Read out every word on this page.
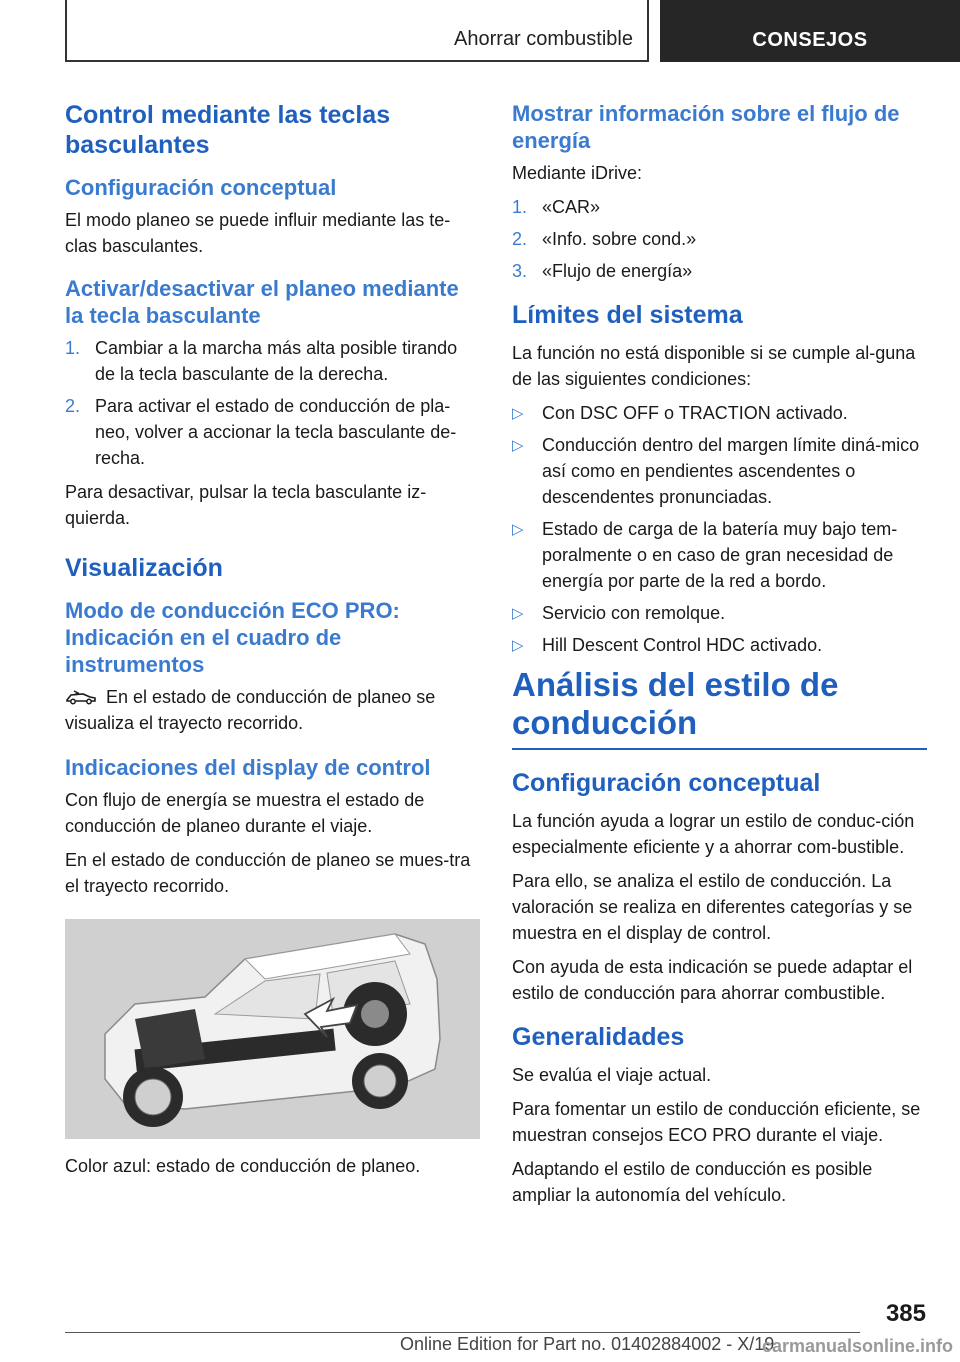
Ahorrar combustible	CONSEJOS
Control mediante las teclas basculantes
Configuración conceptual

El modo planeo se puede influir mediante las te-clas basculantes.

Activar/desactivar el planeo mediante la tecla basculante
1. Cambiar a la marcha más alta posible tirando de la tecla basculante de la derecha.
2. Para activar el estado de conducción de pla-neo, volver a accionar la tecla basculante de-recha.

Para desactivar, pulsar la tecla basculante iz-quierda.

Visualización
Modo de conducción ECO PRO: Indicación en el cuadro de instrumentos

En el estado de conducción de planeo se visualiza el trayecto recorrido.

Indicaciones del display de control

Con flujo de energía se muestra el estado de conducción de planeo durante el viaje.

En el estado de conducción de planeo se mues-tra el trayecto recorrido.

Color azul: estado de conducción de planeo.

Mostrar información sobre el flujo de energía

Mediante iDrive:

1. «CAR»
2. «Info. sobre cond.»
3. «Flujo de energía»
Límites del sistema

La función no está disponible si se cumple al-guna de las siguientes condiciones:

▷ Con DSC OFF o TRACTION activado.
▷ Conducción dentro del margen límite diná-mico así como en pendientes ascendentes o descendentes pronunciadas.
▷ Estado de carga de la batería muy bajo tem-poralmente o en caso de gran necesidad de energía por parte de la red a bordo.
▷ Servicio con remolque.
▷ Hill Descent Control HDC activado.
Análisis del estilo de conducción
Configuración conceptual

La función ayuda a lograr un estilo de conduc-ción especialmente eficiente y a ahorrar com-bustible.

Para ello, se analiza el estilo de conducción. La valoración se realiza en diferentes categorías y se muestra en el display de control.

Con ayuda de esta indicación se puede adaptar el estilo de conducción para ahorrar combustible.

Generalidades

Se evalúa el viaje actual.

Para fomentar un estilo de conducción eficiente, se muestran consejos ECO PRO durante el viaje.

Adaptando el estilo de conducción es posible ampliar la autonomía del vehículo.

385
Online Edition for Part no. 01402884002 - X/19
carmanualsonline.info
